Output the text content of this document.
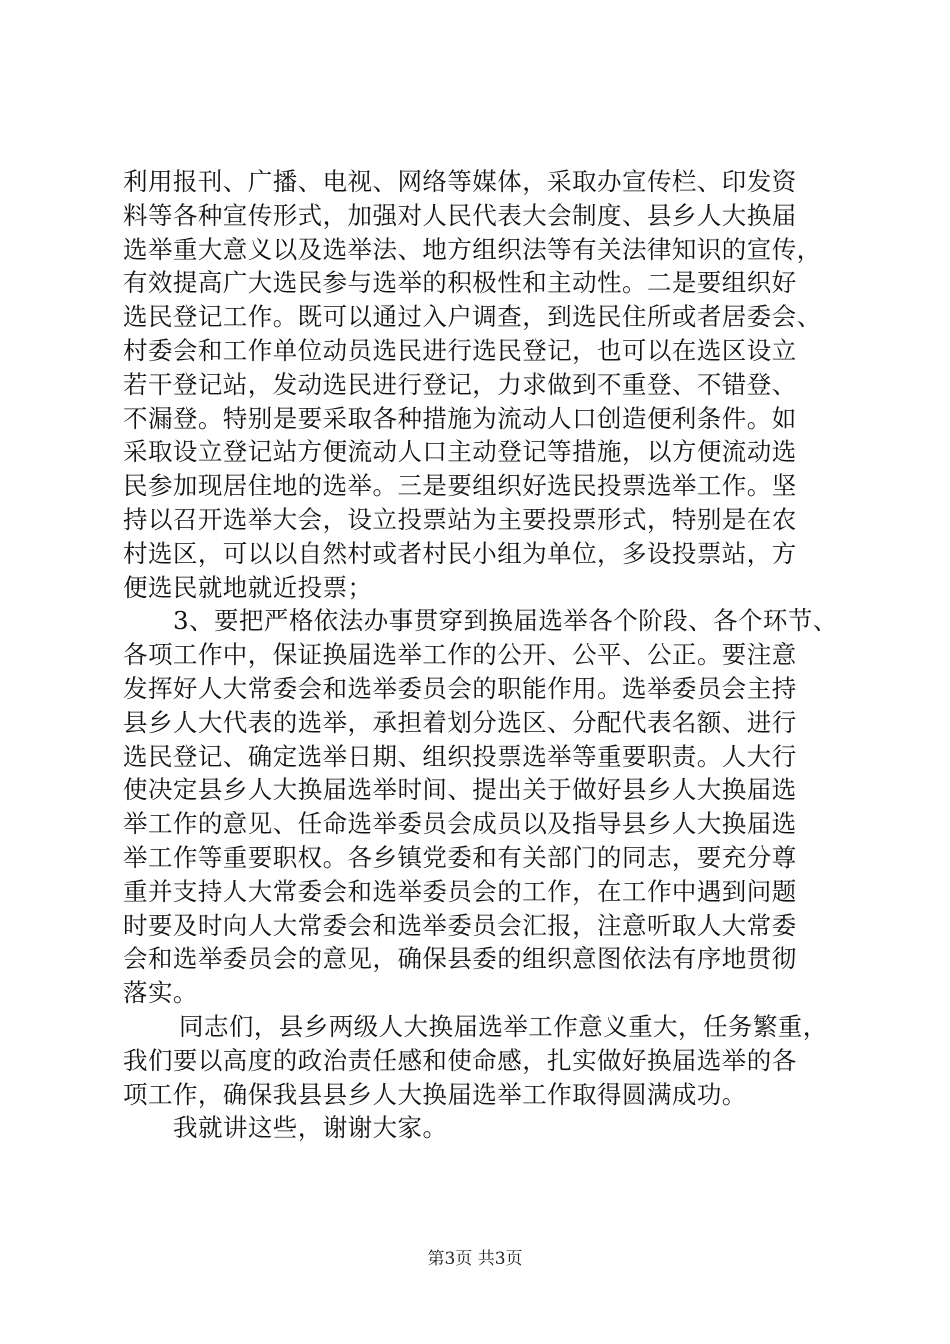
利用报刊、广播、电视、网络等媒体，采取办宣传栏、印发资
料等各种宣传形式，加强对人民代表大会制度、县乡人大换届
选举重大意义以及选举法、地方组织法等有关法律知识的宣传，
有效提高广大选民参与选举的积极性和主动性。二是要组织好
选民登记工作。既可以通过入户调查，到选民住所或者居委会、
村委会和工作单位动员选民进行选民登记，也可以在选区设立
若干登记站，发动选民进行登记，力求做到不重登、不错登、
不漏登。特别是要采取各种措施为流动人口创造便利条件。如
采取设立登记站方便流动人口主动登记等措施，以方便流动选
民参加现居住地的选举。三是要组织好选民投票选举工作。坚
持以召开选举大会，设立投票站为主要投票形式，特别是在农
村选区，可以以自然村或者村民小组为单位，多设投票站，方
便选民就地就近投票；
3、要把严格依法办事贯穿到换届选举各个阶段、各个环节、
各项工作中，保证换届选举工作的公开、公平、公正。要注意
发挥好人大常委会和选举委员会的职能作用。选举委员会主持
县乡人大代表的选举，承担着划分选区、分配代表名额、进行
选民登记、确定选举日期、组织投票选举等重要职责。人大行
使决定县乡人大换届选举时间、提出关于做好县乡人大换届选
举工作的意见、任命选举委员会成员以及指导县乡人大换届选
举工作等重要职权。各乡镇党委和有关部门的同志，要充分尊
重并支持人大常委会和选举委员会的工作，在工作中遇到问题
时要及时向人大常委会和选举委员会汇报，注意听取人大常委
会和选举委员会的意见，确保县委的组织意图依法有序地贯彻
落实。
同志们，县乡两级人大换届选举工作意义重大，任务繁重，
我们要以高度的政治责任感和使命感，扎实做好换届选举的各
项工作，确保我县县乡人大换届选举工作取得圆满成功。
我就讲这些，谢谢大家。
第3页 共3页
